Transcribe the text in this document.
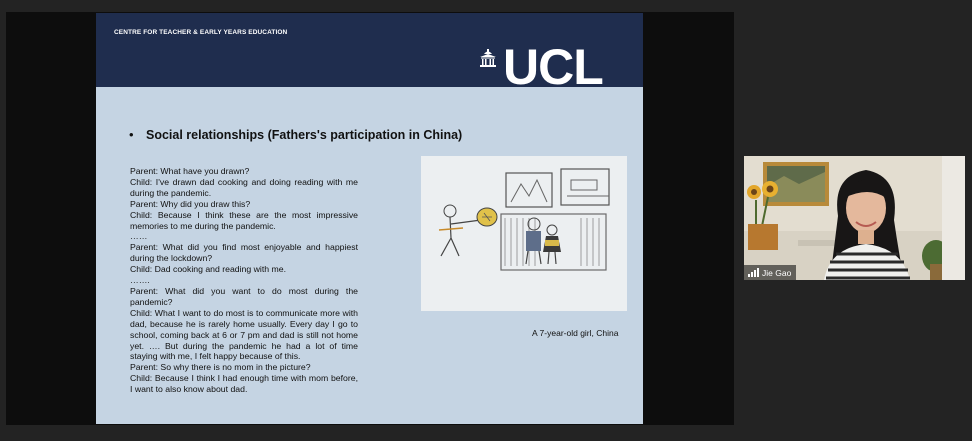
CENTRE FOR TEACHER & EARLY YEARS EDUCATION
UCL
• Social relationships (Fathers's participation in China)

Parent: What have you drawn?

Child: I've drawn dad cooking and doing reading with me during the pandemic.

Parent: Why did you draw this?

Child: Because I think these are the most impressive memories to me during the pandemic.

……

Parent: What did you find most enjoyable and happiest during the lockdown?

Child: Dad cooking and reading with me.

…….

Parent: What did you want to do most during the pandemic?

Child: What I want to do most is to communicate more with dad, because he is rarely home usually. Every day I go to school, coming back at 6 or 7 pm and dad is still not home yet. …. But during the pandemic he had a lot of time staying with me, I felt happy because of this.

Parent: So why there is no mom in the picture?

Child: Because I think I had enough time with mom before, I want to also know about dad.

A 7-year-old girl, China
Jie Gao
